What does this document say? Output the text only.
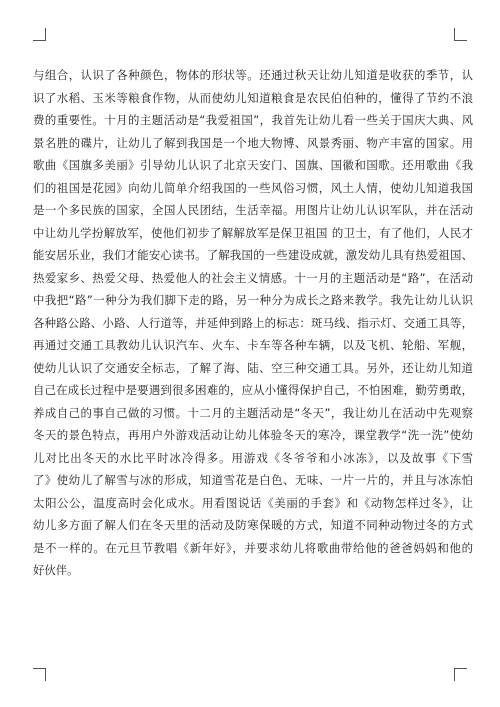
与组合，认识了各种颜色，物体的形状等。还通过秋天让幼儿知道是收获的季节，认
识了水稻、玉米等粮食作物，从而使幼儿知道粮食是农民伯伯种的，懂得了节约不浪
费的重要性。十月的主题活动是“我爱祖国”，我首先让幼儿看一些关于国庆大典、风
景名胜的碟片，让幼儿了解到我国是一个地大物博、风景秀丽、物产丰富的国家。用
歌曲《国旗多美丽》引导幼儿认识了北京天安门、国旗、国徽和国歌。还用歌曲《我
们的祖国是花园》向幼儿简单介绍我国的一些风俗习惯，风土人情，使幼儿知道我国
是一个多民族的国家，全国人民团结，生活幸福。用图片让幼儿认识军队，并在活动
中让幼儿学扮解放军，使他们初步了解解放军是保卫祖国 的卫士，有了他们，人民才
能安居乐业，我们才能安心读书。了解我国的一些建设成就，激发幼儿具有热爱祖国、
热爱家乡、热爱父母、热爱他人的社会主义情感。十一月的主题活动是“路”，在活动
中我把“路”一种分为我们脚下走的路，另一种分为成长之路来教学。我先让幼儿认识
各种路公路、小路、人行道等，并延伸到路上的标志：斑马线、指示灯、交通工具等，
再通过交通工具教幼儿认识汽车、火车、卡车等各种车辆，以及飞机、轮船、军舰，
使幼儿认识了交通安全标志，了解了海、陆、空三种交通工具。另外，还让幼儿知道
自己在成长过程中是要遇到很多困难的，应从小懂得保护自己，不怕困难，勤劳勇敢，
养成自己的事自己做的习惯。十二月的主题活动是“冬天”，我让幼儿在活动中先观察
冬天的景色特点，再用户外游戏活动让幼儿体验冬天的寒冷，课堂教学“洗一洗”使幼
儿对比出冬天的水比平时冰冷得多。用游戏《冬爷爷和小冰冻》，以及故事《下雪
了》使幼儿了解雪与冰的形成，知道雪花是白色、无味、一片一片的，并且与冰冻怕
太阳公公，温度高时会化成水。用看图说话《美丽的手套》和《动物怎样过冬》，让
幼儿多方面了解人们在冬天里的活动及防寒保暖的方式，知道不同种动物过冬的方式
是不一样的。在元旦节教唱《新年好》，并要求幼儿将歌曲带给他的爸爸妈妈和他的
好伙伴。
